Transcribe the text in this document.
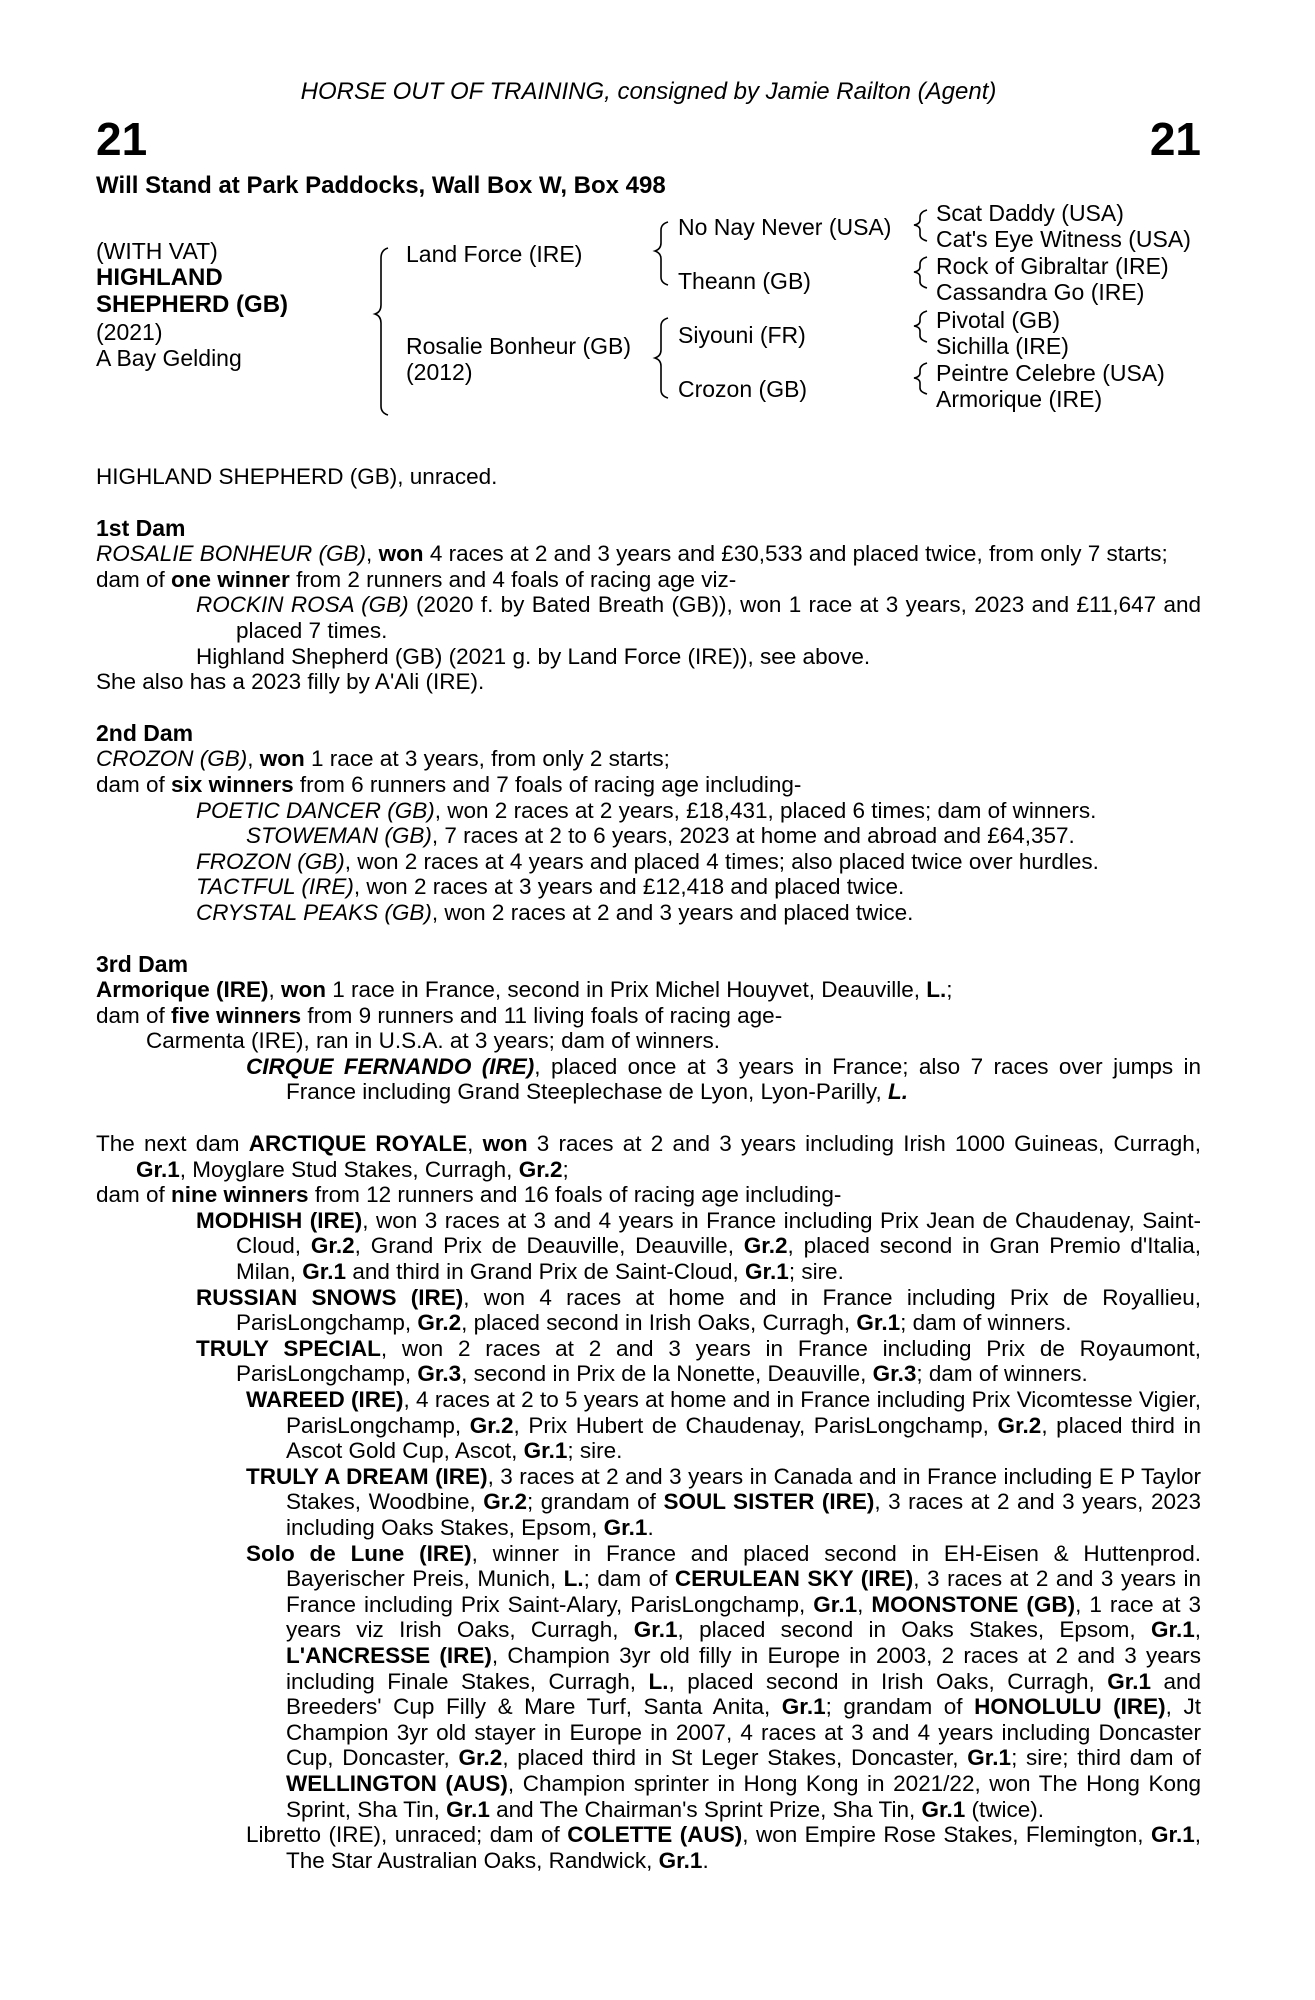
HORSE OUT OF TRAINING, consigned by Jamie Railton (Agent)
21	21
Will Stand at Park Paddocks, Wall Box W, Box 498
(WITH VAT)
HIGHLAND
SHEPHERD (GB)
(2021)
A Bay Gelding
Land Force (IRE)
Rosalie Bonheur (GB)
(2012)
No Nay Never (USA)
Theann (GB)
Siyouni (FR)
Crozon (GB)
Scat Daddy (USA)
Cat's Eye Witness (USA)
Rock of Gibraltar (IRE)
Cassandra Go (IRE)
Pivotal (GB)
Sichilla (IRE)
Peintre Celebre (USA)
Armorique (IRE)

HIGHLAND SHEPHERD (GB), unraced.

1st Dam

ROSALIE BONHEUR (GB), won 4 races at 2 and 3 years and £30,533 and placed twice, from only 7 starts;

dam of one winner from 2 runners and 4 foals of racing age viz-

ROCKIN ROSA (GB) (2020 f. by Bated Breath (GB)), won 1 race at 3 years, 2023 and £11,647 and placed 7 times.

Highland Shepherd (GB) (2021 g. by Land Force (IRE)), see above.

She also has a 2023 filly by A'Ali (IRE).

2nd Dam

CROZON (GB), won 1 race at 3 years, from only 2 starts;

dam of six winners from 6 runners and 7 foals of racing age including-

POETIC DANCER (GB), won 2 races at 2 years, £18,431, placed 6 times; dam of winners.

STOWEMAN (GB), 7 races at 2 to 6 years, 2023 at home and abroad and £64,357.

FROZON (GB), won 2 races at 4 years and placed 4 times; also placed twice over hurdles.

TACTFUL (IRE), won 2 races at 3 years and £12,418 and placed twice.

CRYSTAL PEAKS (GB), won 2 races at 2 and 3 years and placed twice.

3rd Dam

Armorique (IRE), won 1 race in France, second in Prix Michel Houyvet, Deauville, L.;

dam of five winners from 9 runners and 11 living foals of racing age-

Carmenta (IRE), ran in U.S.A. at 3 years; dam of winners.

CIRQUE FERNANDO (IRE), placed once at 3 years in France; also 7 races over jumps in France including Grand Steeplechase de Lyon, Lyon-Parilly, L.

The next dam ARCTIQUE ROYALE, won 3 races at 2 and 3 years including Irish 1000 Guineas, Curragh, Gr.1, Moyglare Stud Stakes, Curragh, Gr.2;

dam of nine winners from 12 runners and 16 foals of racing age including-

MODHISH (IRE), won 3 races at 3 and 4 years in France including Prix Jean de Chaudenay, Saint-Cloud, Gr.2, Grand Prix de Deauville, Deauville, Gr.2, placed second in Gran Premio d'Italia, Milan, Gr.1 and third in Grand Prix de Saint-Cloud, Gr.1; sire.

RUSSIAN SNOWS (IRE), won 4 races at home and in France including Prix de Royallieu, ParisLongchamp, Gr.2, placed second in Irish Oaks, Curragh, Gr.1; dam of winners.

TRULY SPECIAL, won 2 races at 2 and 3 years in France including Prix de Royaumont, ParisLongchamp, Gr.3, second in Prix de la Nonette, Deauville, Gr.3; dam of winners.

WAREED (IRE), 4 races at 2 to 5 years at home and in France including Prix Vicomtesse Vigier, ParisLongchamp, Gr.2, Prix Hubert de Chaudenay, ParisLongchamp, Gr.2, placed third in Ascot Gold Cup, Ascot, Gr.1; sire.

TRULY A DREAM (IRE), 3 races at 2 and 3 years in Canada and in France including E P Taylor Stakes, Woodbine, Gr.2; grandam of SOUL SISTER (IRE), 3 races at 2 and 3 years, 2023 including Oaks Stakes, Epsom, Gr.1.

Solo de Lune (IRE), winner in France and placed second in EH-Eisen & Huttenprod. Bayerischer Preis, Munich, L.; dam of CERULEAN SKY (IRE), 3 races at 2 and 3 years in France including Prix Saint-Alary, ParisLongchamp, Gr.1, MOONSTONE (GB), 1 race at 3 years viz Irish Oaks, Curragh, Gr.1, placed second in Oaks Stakes, Epsom, Gr.1, L'ANCRESSE (IRE), Champion 3yr old filly in Europe in 2003, 2 races at 2 and 3 years including Finale Stakes, Curragh, L., placed second in Irish Oaks, Curragh, Gr.1 and Breeders' Cup Filly & Mare Turf, Santa Anita, Gr.1; grandam of HONOLULU (IRE), Jt Champion 3yr old stayer in Europe in 2007, 4 races at 3 and 4 years including Doncaster Cup, Doncaster, Gr.2, placed third in St Leger Stakes, Doncaster, Gr.1; sire; third dam of WELLINGTON (AUS), Champion sprinter in Hong Kong in 2021/22, won The Hong Kong Sprint, Sha Tin, Gr.1 and The Chairman's Sprint Prize, Sha Tin, Gr.1 (twice).

Libretto (IRE), unraced; dam of COLETTE (AUS), won Empire Rose Stakes, Flemington, Gr.1, The Star Australian Oaks, Randwick, Gr.1.
